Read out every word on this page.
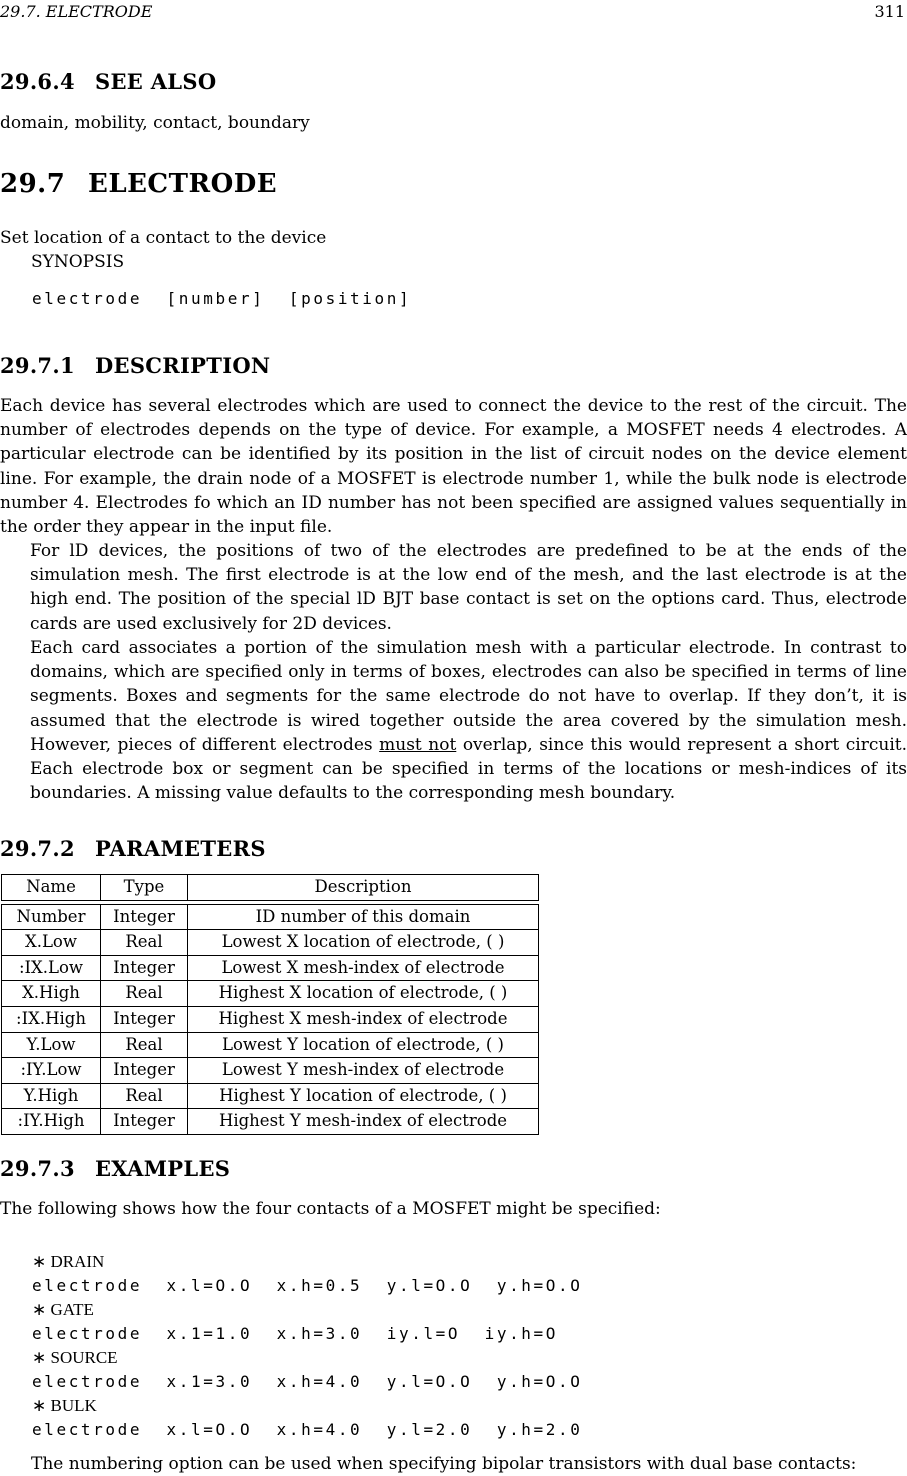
29.7. ELECTRODE	311
29.6.4 SEE ALSO
domain, mobility, contact, boundary
29.7 ELECTRODE
Set location of a contact to the device
SYNOPSIS
electrode  [number]  [position]
29.7.1 DESCRIPTION

Each device has several electrodes which are used to connect the device to the rest of the circuit. The number of electrodes depends on the type of device. For example, a MOSFET needs 4 electrodes. A particular electrode can be identified by its position in the list of circuit nodes on the device element line. For example, the drain node of a MOSFET is electrode number 1, while the bulk node is electrode number 4. Electrodes fo which an ID number has not been specified are assigned values sequentially in the order they appear in the input file.

For lD devices, the positions of two of the electrodes are predefined to be at the ends of the simulation mesh. The first electrode is at the low end of the mesh, and the last electrode is at the high end. The position of the special lD BJT base contact is set on the options card. Thus, electrode cards are used exclusively for 2D devices.

Each card associates a portion of the simulation mesh with a particular electrode. In contrast to domains, which are specified only in terms of boxes, electrodes can also be specified in terms of line segments. Boxes and segments for the same electrode do not have to overlap. If they don’t, it is assumed that the electrode is wired together outside the area covered by the simulation mesh. However, pieces of different electrodes must not overlap, since this would represent a short circuit. Each electrode box or segment can be specified in terms of the locations or mesh-indices of its boundaries. A missing value defaults to the corresponding mesh boundary.

29.7.2 PARAMETERS
Name	Type	Description

Number	Integer	ID number of this domain
X.Low	Real	Lowest X location of electrode, ( )
:IX.Low	Integer	Lowest X mesh-index of electrode
X.High	Real	Highest X location of electrode, ( )
:IX.High	Integer	Highest X mesh-index of electrode
Y.Low	Real	Lowest Y location of electrode, ( )
:IY.Low	Integer	Lowest Y mesh-index of electrode
Y.High	Real	Highest Y location of electrode, ( )
:IY.High	Integer	Highest Y mesh-index of electrode
29.7.3 EXAMPLES
The following shows how the four contacts of a MOSFET might be specified:
∗ DRAIN
electrode  x.l=O.O  x.h=0.5  y.l=O.O  y.h=O.O
∗ GATE
electrode  x.1=1.0  x.h=3.0  iy.l=O  iy.h=O
∗ SOURCE
electrode  x.1=3.0  x.h=4.0  y.l=O.O  y.h=O.O
∗ BULK
electrode  x.l=O.O  x.h=4.0  y.l=2.0  y.h=2.0
The numbering option can be used when specifying bipolar transistors with dual base contacts:
